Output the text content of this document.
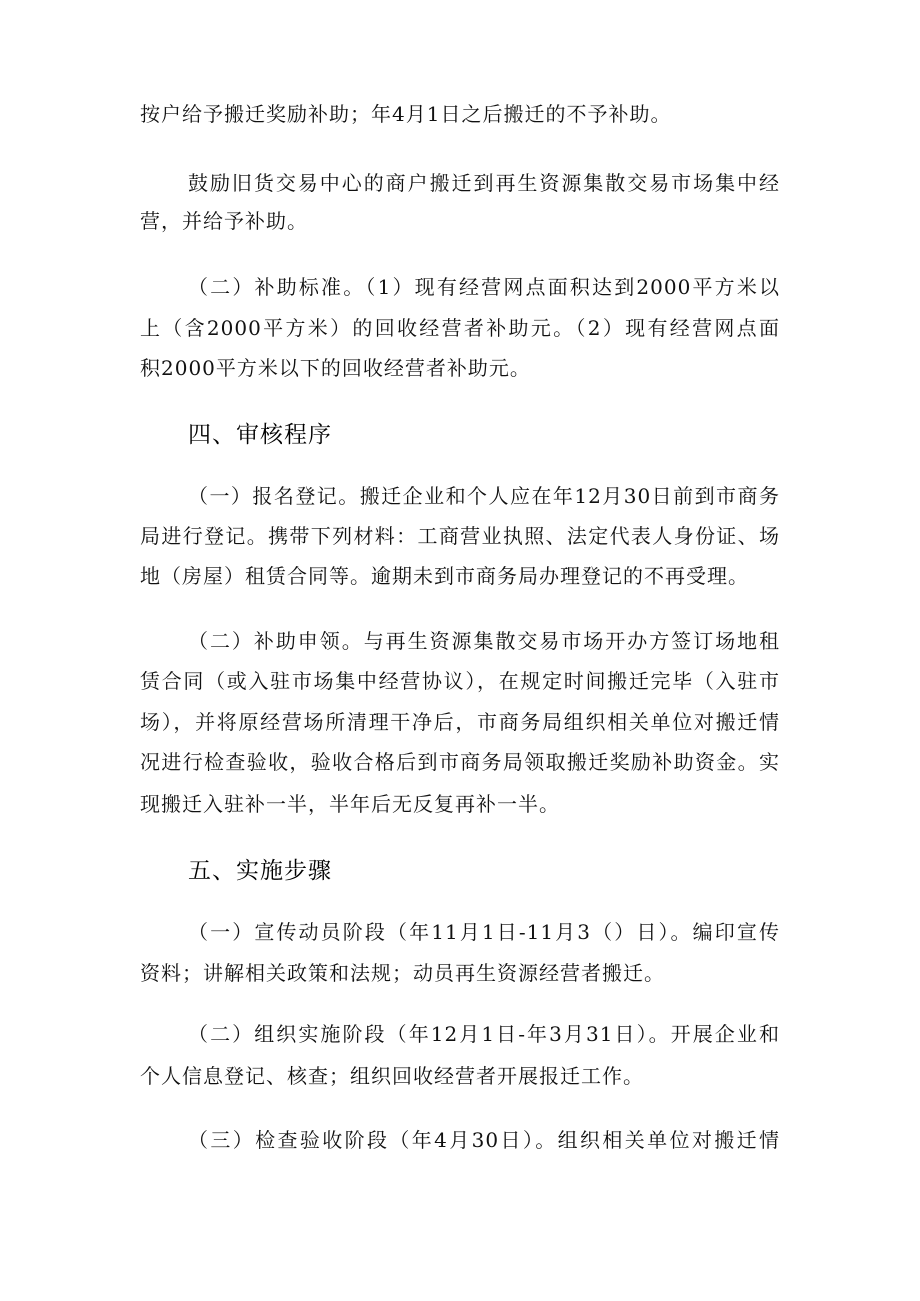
按户给予搬迁奖励补助；年4月1日之后搬迁的不予补助。
鼓励旧货交易中心的商户搬迁到再生资源集散交易市场集中经
营，并给予补助。
（二）补助标准。（1）现有经营网点面积达到2000平方米以
上（含2000平方米）的回收经营者补助元。（2）现有经营网点面
积2000平方米以下的回收经营者补助元。
四、审核程序
（一）报名登记。搬迁企业和个人应在年12月30日前到市商务
局进行登记。携带下列材料：工商营业执照、法定代表人身份证、场
地（房屋）租赁合同等。逾期未到市商务局办理登记的不再受理。
（二）补助申领。与再生资源集散交易市场开办方签订场地租
赁合同（或入驻市场集中经营协议），在规定时间搬迁完毕（入驻市
场），并将原经营场所清理干净后，市商务局组织相关单位对搬迁情
况进行检查验收，验收合格后到市商务局领取搬迁奖励补助资金。实
现搬迁入驻补一半，半年后无反复再补一半。
五、实施步骤
（一）宣传动员阶段（年11月1日-11月3（）日）。编印宣传
资料；讲解相关政策和法规；动员再生资源经营者搬迁。
（二）组织实施阶段（年12月1日-年3月31日）。开展企业和
个人信息登记、核查；组织回收经营者开展报迁工作。
（三）检查验收阶段（年4月30日）。组织相关单位对搬迁情
